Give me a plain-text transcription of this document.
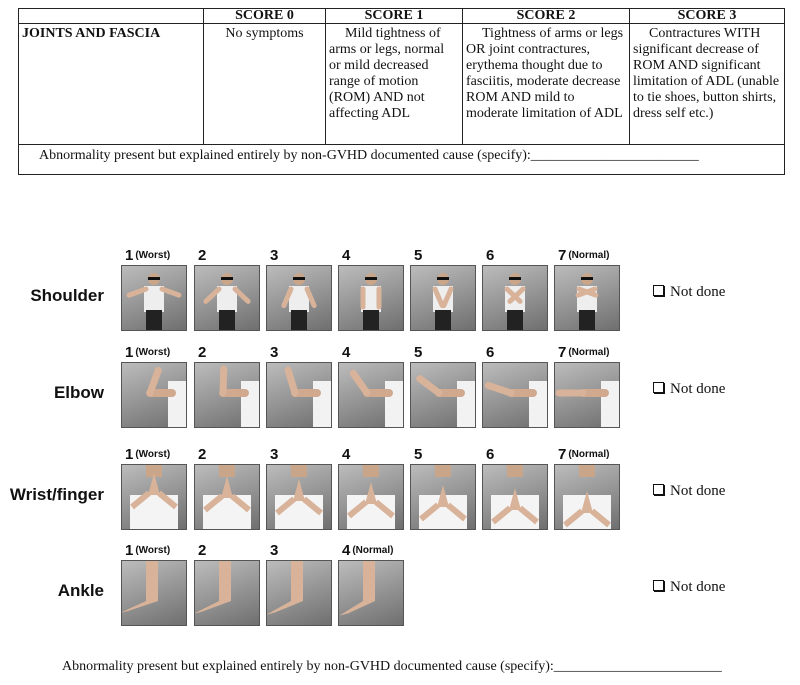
	SCORE 0	SCORE 1	SCORE 2	SCORE 3
JOINTS AND FASCIA	No symptoms	Mild tightness of arms or legs, normal or mild decreased range of motion (ROM) AND not affecting ADL	Tightness of arms or legs OR joint contractures, erythema thought due to fasciitis, moderate decrease ROM AND mild to moderate limitation of ADL	Contractures WITH significant decrease of ROM AND significant limitation of ADL (unable to tie shoes, button shirts, dress self etc.)
Abnormality present but explained entirely by non-GVHD documented cause (specify):________________________				
Shoulder
1 (Worst) 2	3	4	5	6	7 (Normal)
Not done
Elbow
1 (Worst) 2	3	4	5	6	7 (Normal)
Not done
Wrist/finger
1 (Worst) 2	3	4	5	6	7 (Normal)
Not done
Ankle
1 (Worst) 2	3	4 (Normal)
Not done
Abnormality present but explained entirely by non-GVHD documented cause (specify):________________________
